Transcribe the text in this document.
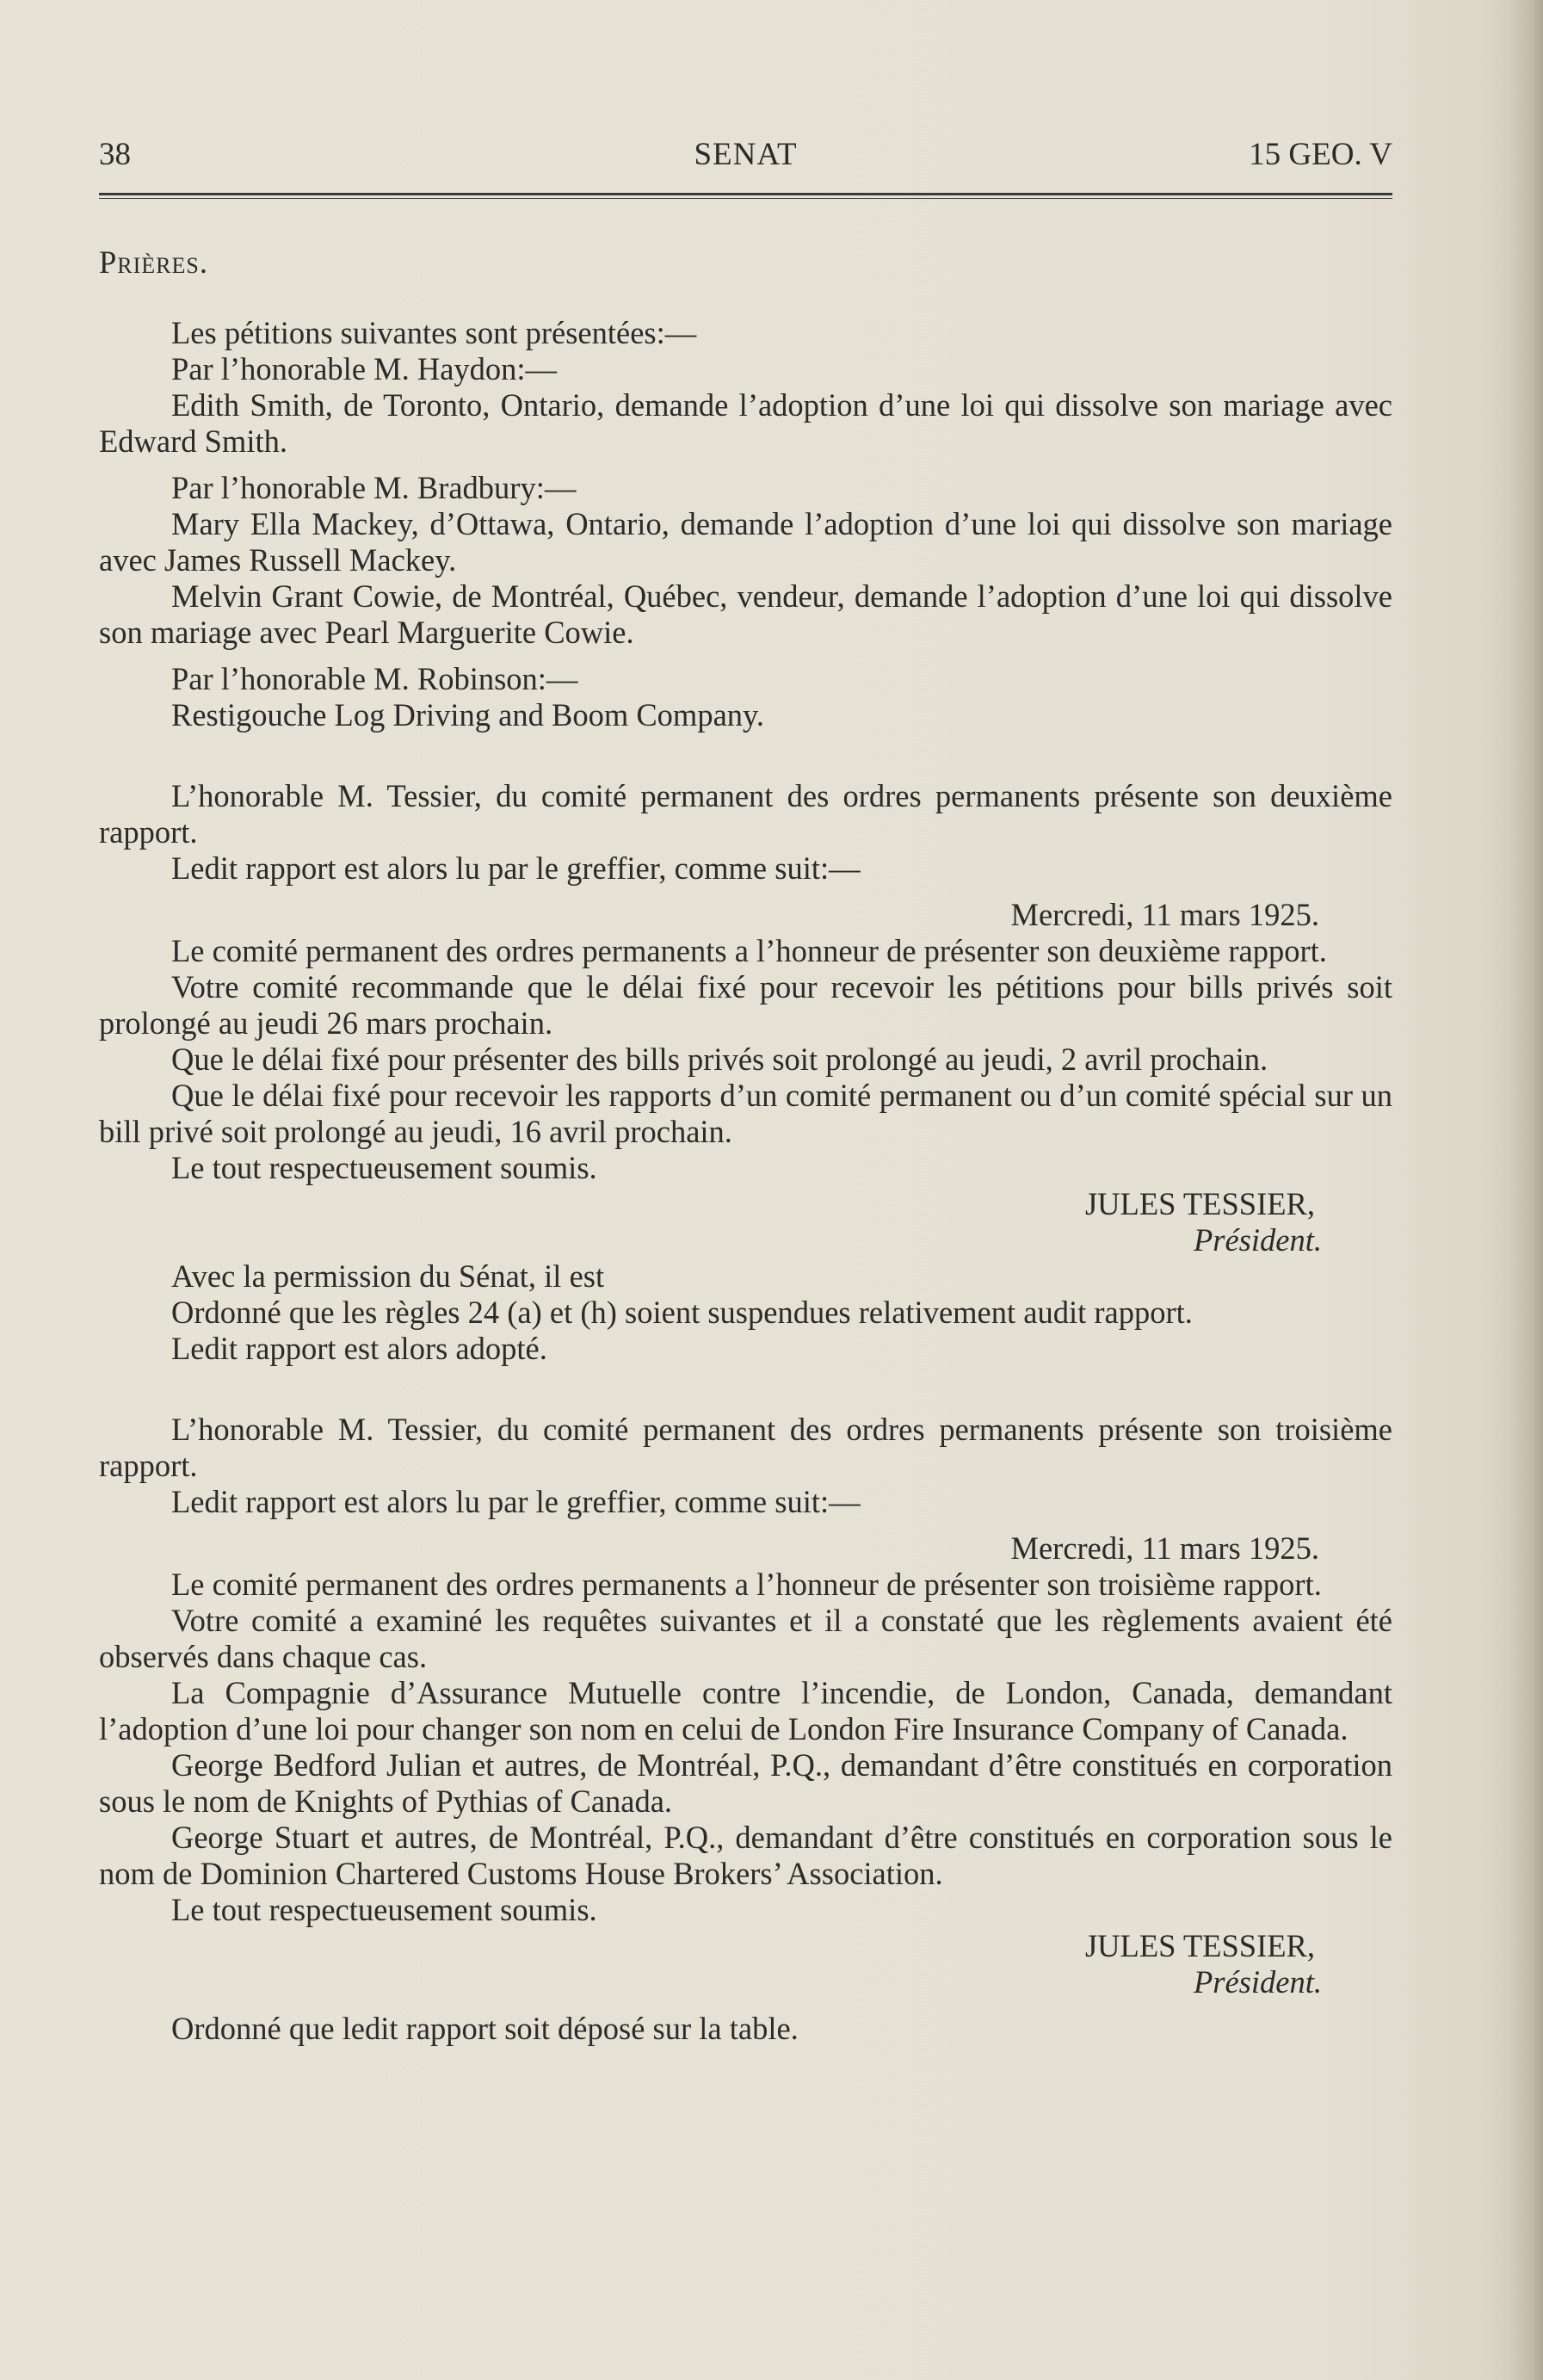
38	SENAT	15 GEO. V

Prières.

Les pétitions suivantes sont présentées:—

Par l’honorable M. Haydon:—

Edith Smith, de Toronto, Ontario, demande l’adoption d’une loi qui dissolve son mariage avec Edward Smith.

Par l’honorable M. Bradbury:—

Mary Ella Mackey, d’Ottawa, Ontario, demande l’adoption d’une loi qui dissolve son mariage avec James Russell Mackey.

Melvin Grant Cowie, de Montréal, Québec, vendeur, demande l’adoption d’une loi qui dissolve son mariage avec Pearl Marguerite Cowie.

Par l’honorable M. Robinson:—

Restigouche Log Driving and Boom Company.

L’honorable M. Tessier, du comité permanent des ordres permanents présente son deuxième rapport.

Ledit rapport est alors lu par le greffier, comme suit:—

Mercredi, 11 mars 1925.

Le comité permanent des ordres permanents a l’honneur de présenter son deuxième rapport.

Votre comité recommande que le délai fixé pour recevoir les pétitions pour bills privés soit prolongé au jeudi 26 mars prochain.

Que le délai fixé pour présenter des bills privés soit prolongé au jeudi, 2 avril prochain.

Que le délai fixé pour recevoir les rapports d’un comité permanent ou d’un comité spécial sur un bill privé soit prolongé au jeudi, 16 avril prochain.

Le tout respectueusement soumis.

JULES TESSIER,

Président.

Avec la permission du Sénat, il est

Ordonné que les règles 24 (a) et (h) soient suspendues relativement audit rapport.

Ledit rapport est alors adopté.

L’honorable M. Tessier, du comité permanent des ordres permanents présente son troisième rapport.

Ledit rapport est alors lu par le greffier, comme suit:—

Mercredi, 11 mars 1925.

Le comité permanent des ordres permanents a l’honneur de présenter son troisième rapport.

Votre comité a examiné les requêtes suivantes et il a constaté que les règlements avaient été observés dans chaque cas.

La Compagnie d’Assurance Mutuelle contre l’incendie, de London, Canada, demandant l’adoption d’une loi pour changer son nom en celui de London Fire Insurance Company of Canada.

George Bedford Julian et autres, de Montréal, P.Q., demandant d’être constitués en corporation sous le nom de Knights of Pythias of Canada.

George Stuart et autres, de Montréal, P.Q., demandant d’être constitués en corporation sous le nom de Dominion Chartered Customs House Brokers’ Association.

Le tout respectueusement soumis.

JULES TESSIER,

Président.

Ordonné que ledit rapport soit déposé sur la table.
